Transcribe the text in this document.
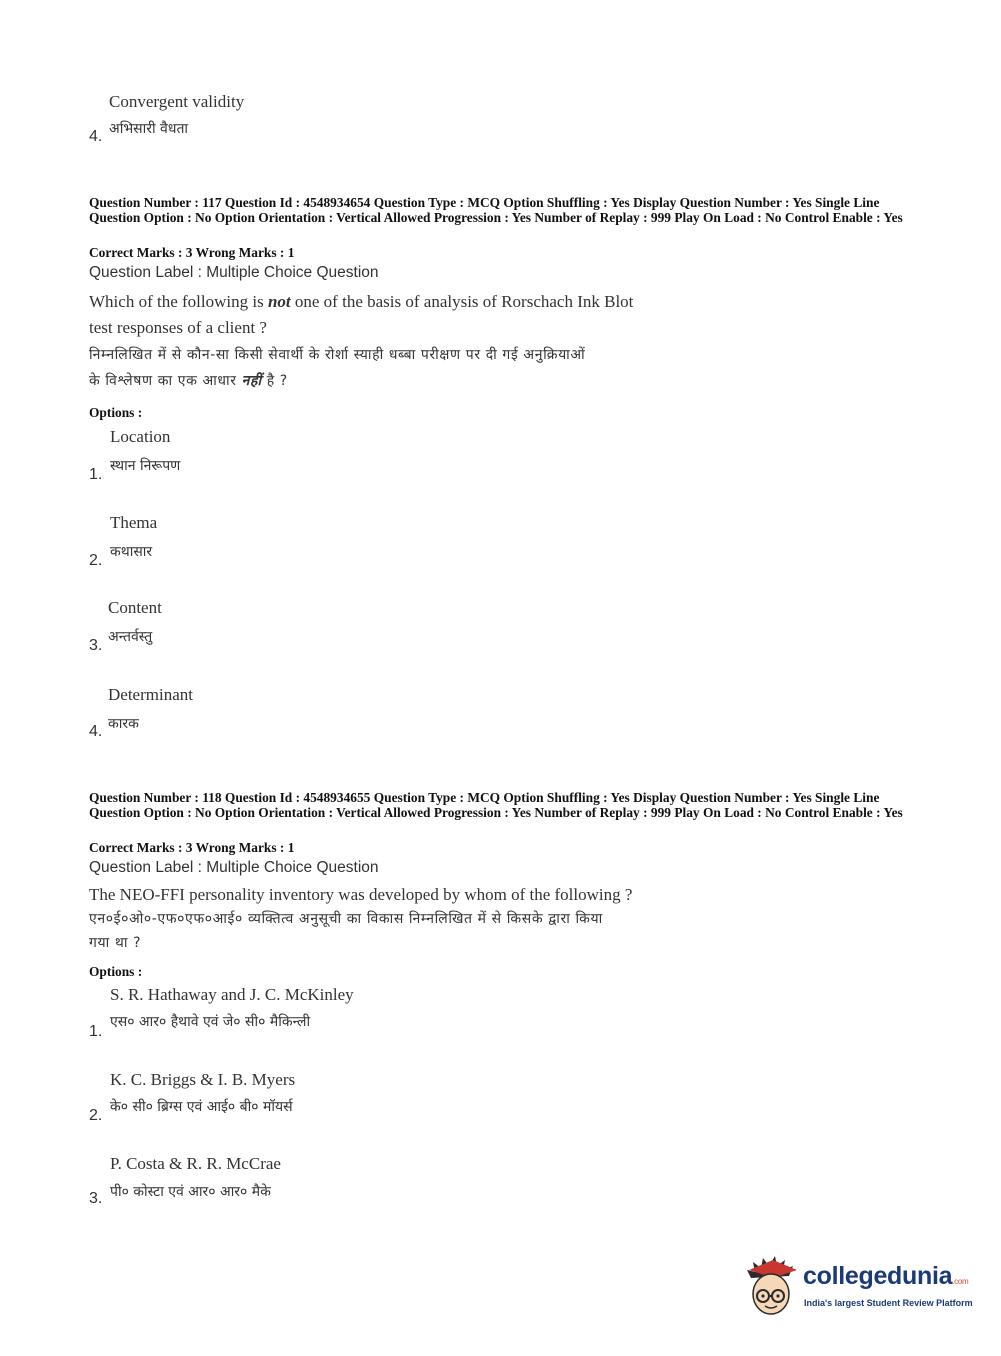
Convergent validity
अभिसारी वैधता
4.
Question Number : 117 Question Id : 4548934654 Question Type : MCQ Option Shuffling : Yes Display Question Number : Yes Single Line Question Option : No Option Orientation : Vertical Allowed Progression : Yes Number of Replay : 999 Play On Load : No Control Enable : Yes
Correct Marks : 3 Wrong Marks : 1
Question Label : Multiple Choice Question
Which of the following is not one of the basis of analysis of Rorschach Ink Blot
test responses of a client ?
निम्नलिखित में से कौन-सा किसी सेवार्थी के रोर्शा स्याही धब्बा परीक्षण पर दी गई अनुक्रियाओं
के विश्लेषण का एक आधार नहीं है ?
Options :
Location
स्थान निरूपण
1.
Thema
कथासार
2.
Content
अन्तर्वस्तु
3.
Determinant
कारक
4.
Question Number : 118 Question Id : 4548934655 Question Type : MCQ Option Shuffling : Yes Display Question Number : Yes Single Line Question Option : No Option Orientation : Vertical Allowed Progression : Yes Number of Replay : 999 Play On Load : No Control Enable : Yes
Correct Marks : 3 Wrong Marks : 1
Question Label : Multiple Choice Question
The NEO-FFI personality inventory was developed by whom of the following ?
एन०ई०ओ०-एफ०एफ०आई० व्यक्तित्व अनुसूची का विकास निम्नलिखित में से किसके द्वारा किया
गया था ?
Options :
S. R. Hathaway and J. C. McKinley
एस० आर० हैथावे एवं जे० सी० मैकिन्ली
1.
K. C. Briggs & I. B. Myers
के० सी० ब्रिग्स एवं आई० बी० मॉयर्स
2.
P. Costa & R. R. McCrae
पी० कोस्टा एवं आर० आर० मैके
3.
collegedunia.com
India's largest Student Review Platform
